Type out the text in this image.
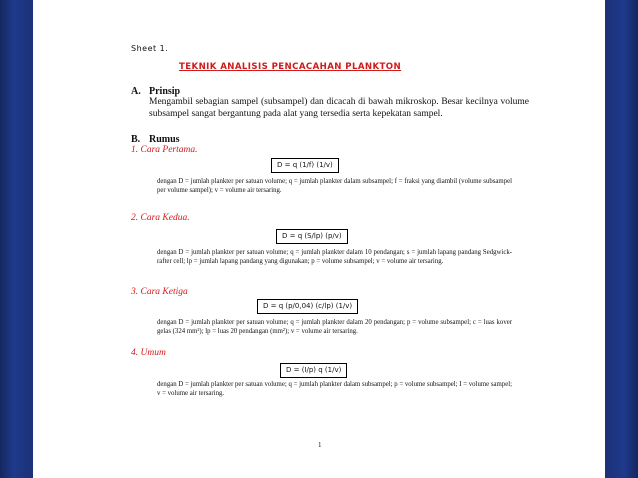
Sheet 1.
TEKNIK ANALISIS PENCACAHAN PLANKTON
A. Prinsip
Mengambil sebagian sampel (subsampel) dan dicacah di bawah mikroskop. Besar kecilnya volume subsampel sangat bergantung pada alat yang tersedia serta kepekatan sampel.
B. Rumus
1. Cara Pertama.
D = q (1/f) (1/v)
dengan D = jumlah plankter per satuan volume; q = jumlah plankter dalam subsampel; f = fraksi yang diambil (volume subsampel per volume sampel); v = volume air tersaring.
2. Cara Kedua.
D = q (S/lp) (p/v)
dengan D = jumlah plankter per satuan volume; q = jumlah plankter dalam 10 pendangan; s = jumlah lapang pandang Sedgwick-rafter cell; lp = jumlah lapang pandang yang digunakan; p = volume subsampel; v = volume air tersaring.
3. Cara Ketiga
D = q (p/0,04) (c/lp) (1/v)
dengan D = jumlah plankter per satuan volume; q = jumlah plankter dalam 20 pendangan; p = volume subsampel; c = luas kover gelas (324 mm²); lp = luas 20 pendangan (mm²); v = volume air tersaring.
4. Umum
D = (I/p) q (1/v)
dengan D = jumlah plankter per satuan volume; q = jumlah plankter dalam subsampel; p = volume subsampel; I = volume sampel; v = volume air tersaring.
1
